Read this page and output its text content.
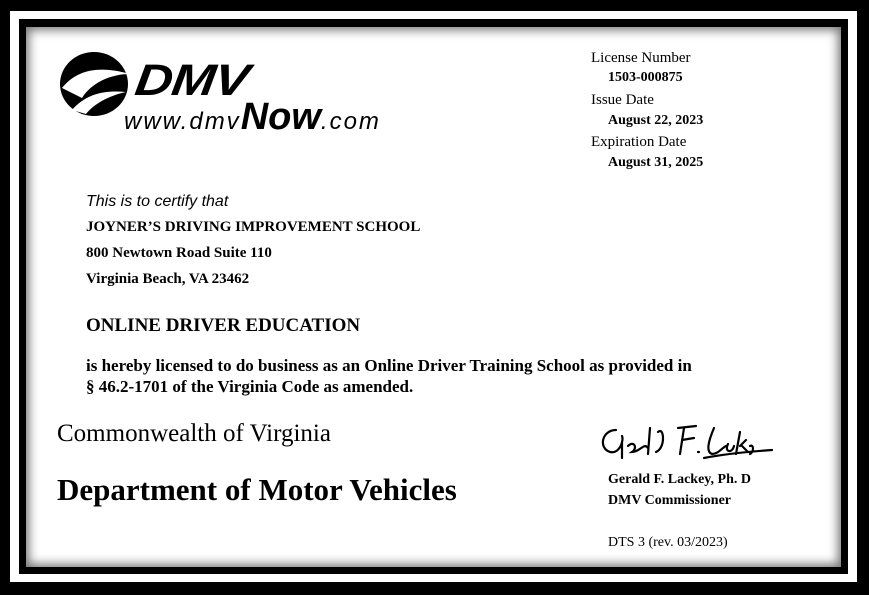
DMV
www.dmvNow.com
License Number
1503-000875
Issue Date
August 22, 2023
Expiration Date
August 31, 2025
This is to certify that
JOYNER’S DRIVING IMPROVEMENT SCHOOL
800 Newtown Road Suite 110
Virginia Beach, VA 23462
ONLINE DRIVER EDUCATION
is hereby licensed to do business as an Online Driver Training School as provided in
§ 46.2-1701 of the Virginia Code as amended.
Commonwealth of Virginia
Department of Motor Vehicles	Gerald F. Lackey, Ph. D
DMV Commissioner
DTS 3 (rev. 03/2023)
